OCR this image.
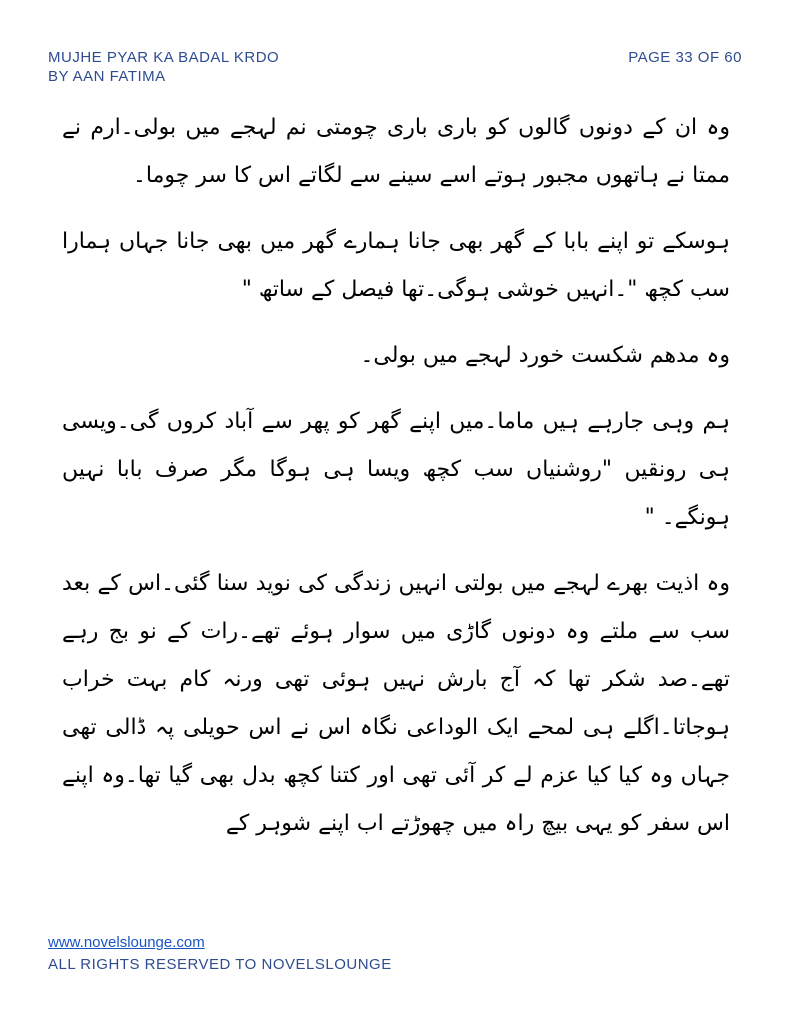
MUJHE PYAR KA BADAL KRDO
BY AAN FATIMA
PAGE 33 OF 60

وہ ان کے دونوں گالوں کو باری باری چومتی نم لہجے میں بولی۔ارم نے ممتا نے ہاتھوں مجبور ہوتے اسے سینے سے لگاتے اس کا سر چوما۔

ہوسکے تو اپنے بابا کے گھر بھی جانا ہمارے گھر میں بھی جانا جہاں ہمارا سب کچھ "۔انہیں خوشی ہوگی۔تھا فیصل کے ساتھ "

وہ مدھم شکست خورد لہجے میں بولی۔

ہم وہی جارہے ہیں ماما۔میں اپنے گھر کو پھر سے آباد کروں گی۔ویسی ہی رونقیں "روشنیاں سب کچھ ویسا ہی ہوگا مگر صرف بابا نہیں ہونگے۔ "

وہ اذیت بھرے لہجے میں بولتی انہیں زندگی کی نوید سنا گئی۔اس کے بعد سب سے ملتے وہ دونوں گاڑی میں سوار ہوئے تھے۔رات کے نو بج رہے تھے۔صد شکر تھا کہ آج بارش نہیں ہوئی تھی ورنہ کام بہت خراب ہوجاتا۔اگلے ہی لمحے ایک الوداعی نگاہ اس نے اس حویلی پہ ڈالی تھی جہاں وہ کیا کیا عزم لے کر آئی تھی اور کتنا کچھ بدل بھی گیا تھا۔وہ اپنے اس سفر کو یہی بیچ راہ میں چھوڑتے اب اپنے شوہر کے

www.novelslounge.com
ALL RIGHTS RESERVED TO NOVELSLOUNGE
